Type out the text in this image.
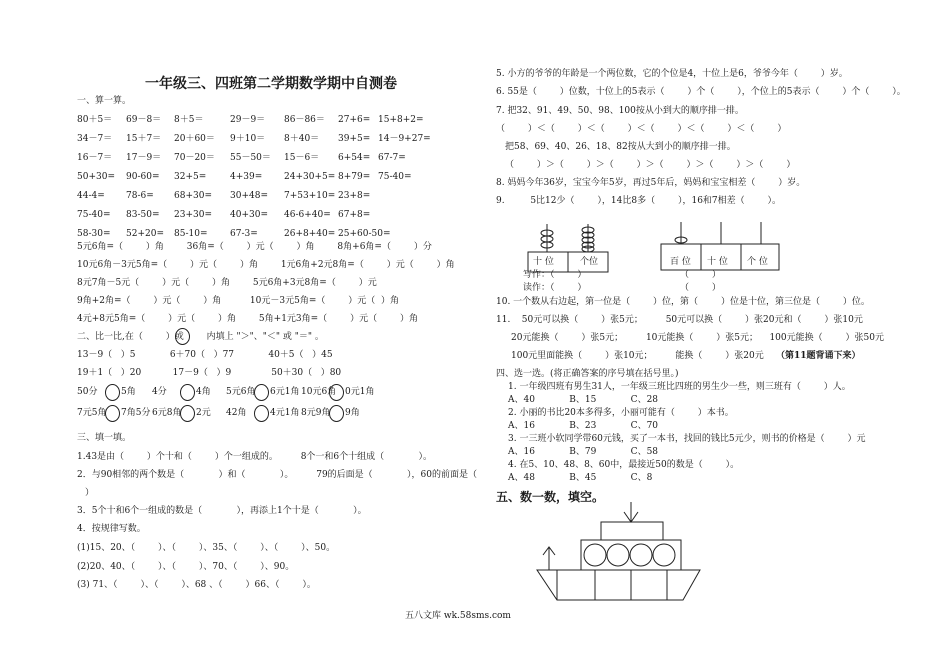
一年级三、四班第二学期数学期中自测卷
一、算一算。
80＋5＝ 69－8＝ 8＋5＝	29－9＝ 86－86＝ 27+6= 15+8+2=
34－7＝ 15＋7＝ 20＋60＝ 9＋10＝ 8＋40＝ 39+5= 14－9+27=
16－7＝ 17－9＝ 70－20＝ 55－50＝ 15－6＝ 6+54= 67-7=
50+30= 90-60= 32+5=	4+39= 24+30+5= 8+79= 75-40=
44-4= 78-6= 68+30= 30+48= 7+53+10= 23+8=
75-40= 83-50= 23+30= 40+30= 46-6+40= 67+8=
58-30= 52+20= 85-10=	67-3=	26+8+40= 25+60-50=
5元6角=（        ）角        36角=（        ）元（        ）角        8角+6角=（        ）分
10元6角－3元5角=（        ）元（        ）角        1元6角+2元8角=（        ）元（        ）角
8元7角－5元（        ）元（        ）角        5元6角+3元8角=（        ）元
9角+2角=（        ）元（        ）角          10元－3元5角=（        ）元（  ）角
4元+8元5角=（        ）元（        ）角        5角+1元3角=（        ）元（        ）角
二、比一比,在（        ）或        内填上 "＞"、"＜" 或 "＝" 。
13－9（   ）5            6＋70（   ）77            40＋5（   ）45
19＋1（   ）20           17－9（   ）9              50＋30（   ）80
50分	5角 4分	4角 5元6角 6元1角 10元6角 0元1角
7元5角 7角5分 6元8角 2元 42角	4元1角 8元9角 9角
三、填一填。
1.43是由（        ）个十和（        ）个一组成的。        8个一和6个十组成（            ）。
2．与90相邻的两个数是（            ）和（            ）。        79的后面是（            ），60的前面是（
）
3．5个十和6个一组成的数是（            ），再添上1个十是（            ）。
4．按规律写数。
(1)15、20、（        ）、（        ）、35、（        ）、（        ）、50。
(2)20、40、（        ）、（        ）、70、（        ）、90。
(3) 71、（        ）、（        ）、68 、（        ）66、（        ）。
5. 小方的爷爷的年龄是一个两位数，它的个位是4，十位上是6，爷爷今年（        ）岁。
6. 55是（        ）位数，十位上的5表示（        ）个（        ），个位上的5表示（        ）个（        ）。
7. 把32、91、49、50、98、100按从小到大的顺序排一排。
（        ）＜（        ）＜（        ）＜（        ）＜（        ）＜（        ）
把58、69、40、26、18、82按从大到小的顺序排一排。
（        ）＞（        ）＞（        ）＞（        ）＞（        ）＞（        ）
8. 妈妈今年36岁，宝宝今年5岁，再过5年后，妈妈和宝宝相差（        ）岁。
9.         5比12少（        ），14比8多（        ），16和7相差（        ）。
十 位	个位
写作：（        ）
读作：（        ）
百 位 十 位 个 位
（        ）
（        ）
10. 一个数从右边起，第一位是（        ）位，第（        ）位是十位，第三位是（        ）位。
11.    50元可以换（        ）张5元；        50元可以换（        ）张20元和（        ）张10元
20元能换（        ）张5元；        10元能换（        ）张5元；    100元能换（        ）张50元
100元里面能换（        ）张10元；        能换（        ）张20元 （第11题背诵下来）
四、选一选。(将正确答案的序号填在括号里。)
1. 一年级四班有男生31人，一年级三班比四班的男生少一些，则三班有（        ）人。
A、40            B、15            C、28
2. 小丽的书比20本多得多，小丽可能有（        ）本书。
A、16            B、23            C、70
3. 一三班小软同学带60元钱，买了一本书，找回的钱比5元少，则书的价格是（        ）元
A、16            B、79            C、58
4. 在5、10、48、8、60中，最接近50的数是（        ）。
A、48            B、45            C、8
五、数一数，填空。
五八文库 wk.58sms.com
